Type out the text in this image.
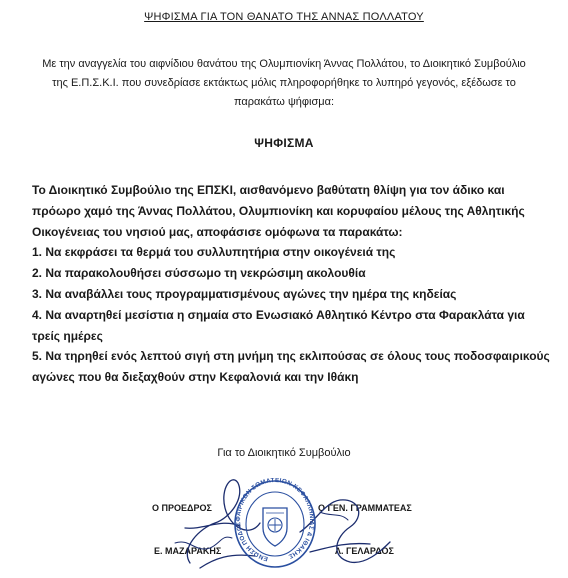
ΨΗΦΙΣΜΑ ΓΙΑ ΤΟΝ ΘΑΝΑΤΟ ΤΗΣ ΑΝΝΑΣ ΠΟΛΛΑΤΟΥ
Με την αναγγελία του αιφνίδιου θανάτου της Ολυμπιονίκη Άννας Πολλάτου, το Διοικητικό Συμβούλιο της Ε.Π.Σ.Κ.Ι. που συνεδρίασε εκτάκτως μόλις πληροφορήθηκε το λυπηρό γεγονός, εξέδωσε το παρακάτω ψήφισμα:
ΨΗΦΙΣΜΑ

Το Διοικητικό Συμβούλιο της ΕΠΣΚΙ, αισθανόμενο βαθύτατη θλίψη για τον άδικο και πρόωρο χαμό της Άννας Πολλάτου, Ολυμπιονίκη και κορυφαίου μέλους της Αθλητικής Οικογένειας του νησιού μας, αποφάσισε ομόφωνα τα παρακάτω:

1. Να εκφράσει τα θερμά του συλλυπητήρια στην οικογένειά της

2. Να παρακολουθήσει σύσσωμο τη νεκρώσιμη ακολουθία

3. Να αναβάλλει τους προγραμματισμένους αγώνες την ημέρα της κηδείας

4. Να αναρτηθεί μεσίστια η σημαία στο Ενωσιακό Αθλητικό Κέντρο στα Φαρακλάτα για τρείς ημέρες

5. Να τηρηθεί ενός λεπτού σιγή στη μνήμη της εκλιπούσας σε όλους τους ποδοσφαιρικούς αγώνες που θα διεξαχθούν στην Κεφαλονιά και την Ιθάκη

Για το Διοικητικό Συμβούλιο
Ο ΠΡΟΕΔΡΟΣ	Ο ΓΕΝ. ΓΡΑΜΜΑΤΕΑΣ
Ε. ΜΑΖΑΡΑΚΗΣ	Λ. ΓΕΛΑΡΔΟΣ
ΕΝΩΣΗ ΠΟΔΟΣΦΑΙΡΙΚΩΝ ΣΩΜΑΤΕΙΩΝ ΚΕΦΑΛΛΗΝΙΑΣ & ΙΘΑΚΗΣ
